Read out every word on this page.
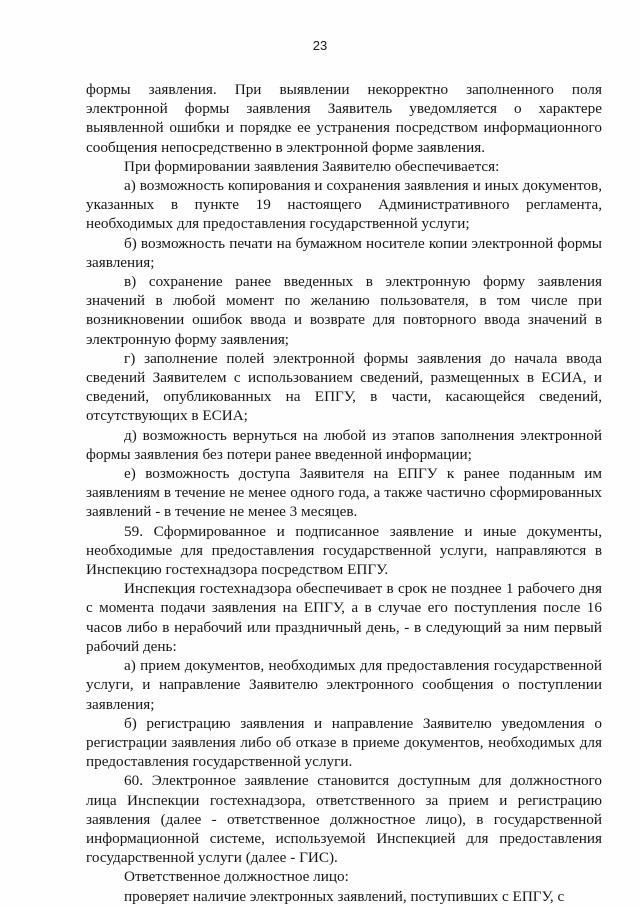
23

формы заявления. При выявлении некорректно заполненного поля электронной формы заявления Заявитель уведомляется о характере выявленной ошибки и порядке ее устранения посредством информационного сообщения непосредственно в электронной форме заявления.

При формировании заявления Заявителю обеспечивается:

а) возможность копирования и сохранения заявления и иных документов, указанных в пункте 19 настоящего Административного регламента, необходимых для предоставления государственной услуги;

б) возможность печати на бумажном носителе копии электронной формы заявления;

в) сохранение ранее введенных в электронную форму заявления значений в любой момент по желанию пользователя, в том числе при возникновении ошибок ввода и возврате для повторного ввода значений в электронную форму заявления;

г) заполнение полей электронной формы заявления до начала ввода сведений Заявителем с использованием сведений, размещенных в ЕСИА, и сведений, опубликованных на ЕПГУ, в части, касающейся сведений, отсутствующих в ЕСИА;

д) возможность вернуться на любой из этапов заполнения электронной формы заявления без потери ранее введенной информации;

е) возможность доступа Заявителя на ЕПГУ к ранее поданным им заявлениям в течение не менее одного года, а также частично сформированных заявлений - в течение не менее 3 месяцев.

59. Сформированное и подписанное заявление и иные документы, необходимые для предоставления государственной услуги, направляются в Инспекцию гостехнадзора посредством ЕПГУ.

Инспекция гостехнадзора обеспечивает в срок не позднее 1 рабочего дня с момента подачи заявления на ЕПГУ, а в случае его поступления после 16 часов либо в нерабочий или праздничный день, - в следующий за ним первый рабочий день:

а) прием документов, необходимых для предоставления государственной услуги, и направление Заявителю электронного сообщения о поступлении заявления;

б) регистрацию заявления и направление Заявителю уведомления о регистрации заявления либо об отказе в приеме документов, необходимых для предоставления государственной услуги.

60. Электронное заявление становится доступным для должностного лица Инспекции гостехнадзора, ответственного за прием и регистрацию заявления (далее - ответственное должностное лицо), в государственной информационной системе, используемой Инспекцией для предоставления государственной услуги (далее - ГИС).

Ответственное должностное лицо:

проверяет наличие электронных заявлений, поступивших с ЕПГУ, с
